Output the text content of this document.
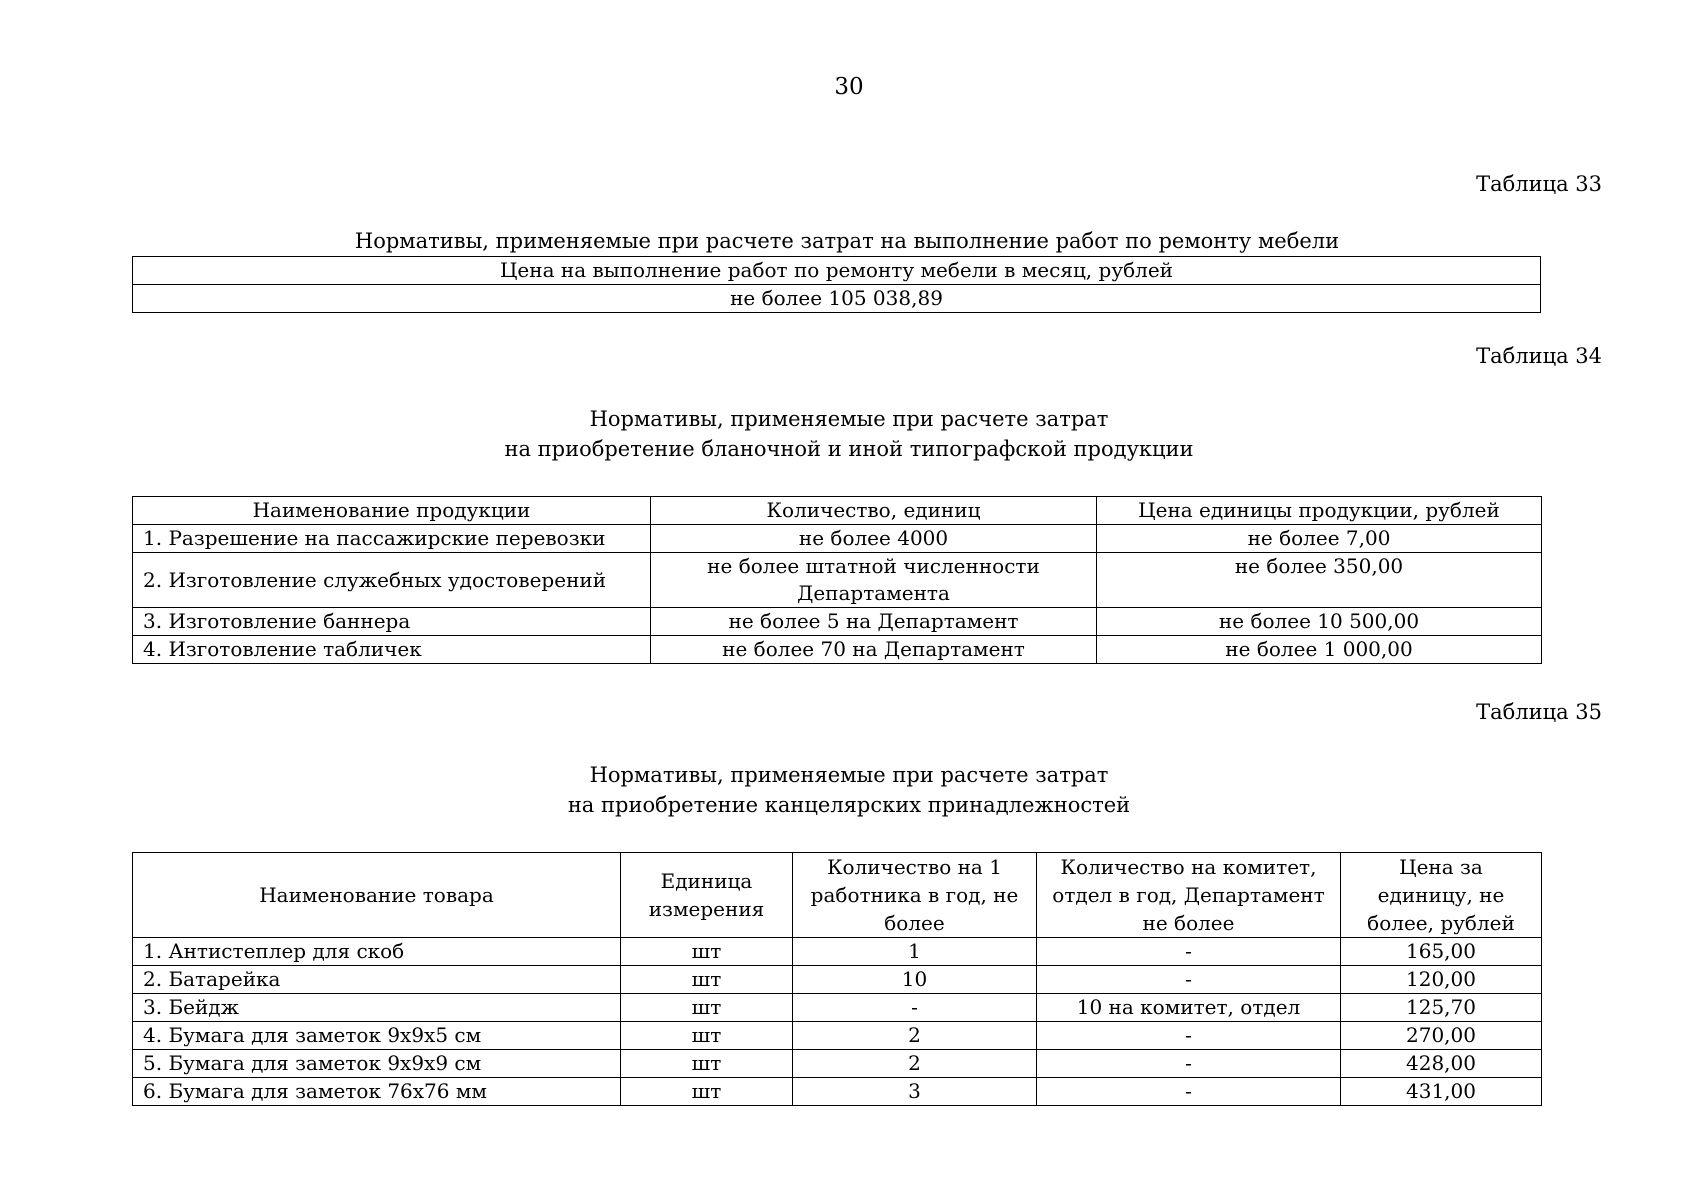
30
Таблица 33
Нормативы, применяемые при расчете затрат на выполнение работ по ремонту мебели
Цена на выполнение работ по ремонту мебели в месяц, рублей
не более 105 038,89
Таблица 34
Нормативы, применяемые при расчете затрат
на приобретение бланочной и иной типографской продукции
Наименование продукции	Количество, единиц	Цена единицы продукции, рублей
1. Разрешение на пассажирские перевозки	не более 4000	не более 7,00
2. Изготовление служебных удостоверений	не более штатной численности Департамента	не более 350,00
3. Изготовление баннера	не более 5 на Департамент	не более 10 500,00
4. Изготовление табличек	не более 70 на Департамент	не более 1 000,00
Таблица 35
Нормативы, применяемые при расчете затрат
на приобретение канцелярских принадлежностей
Наименование товара	Единица измерения	Количество на 1 работника в год, не более	Количество на комитет, отдел в год, Департамент не более	Цена за единицу, не более, рублей
1. Антистеплер для скоб	шт	1	-	165,00
2. Батарейка	шт	10	-	120,00
3. Бейдж	шт	-	10 на комитет, отдел	125,70
4. Бумага для заметок 9x9x5 см	шт	2	-	270,00
5. Бумага для заметок 9x9x9 см	шт	2	-	428,00
6. Бумага для заметок 76x76 мм	шт	3	-	431,00
